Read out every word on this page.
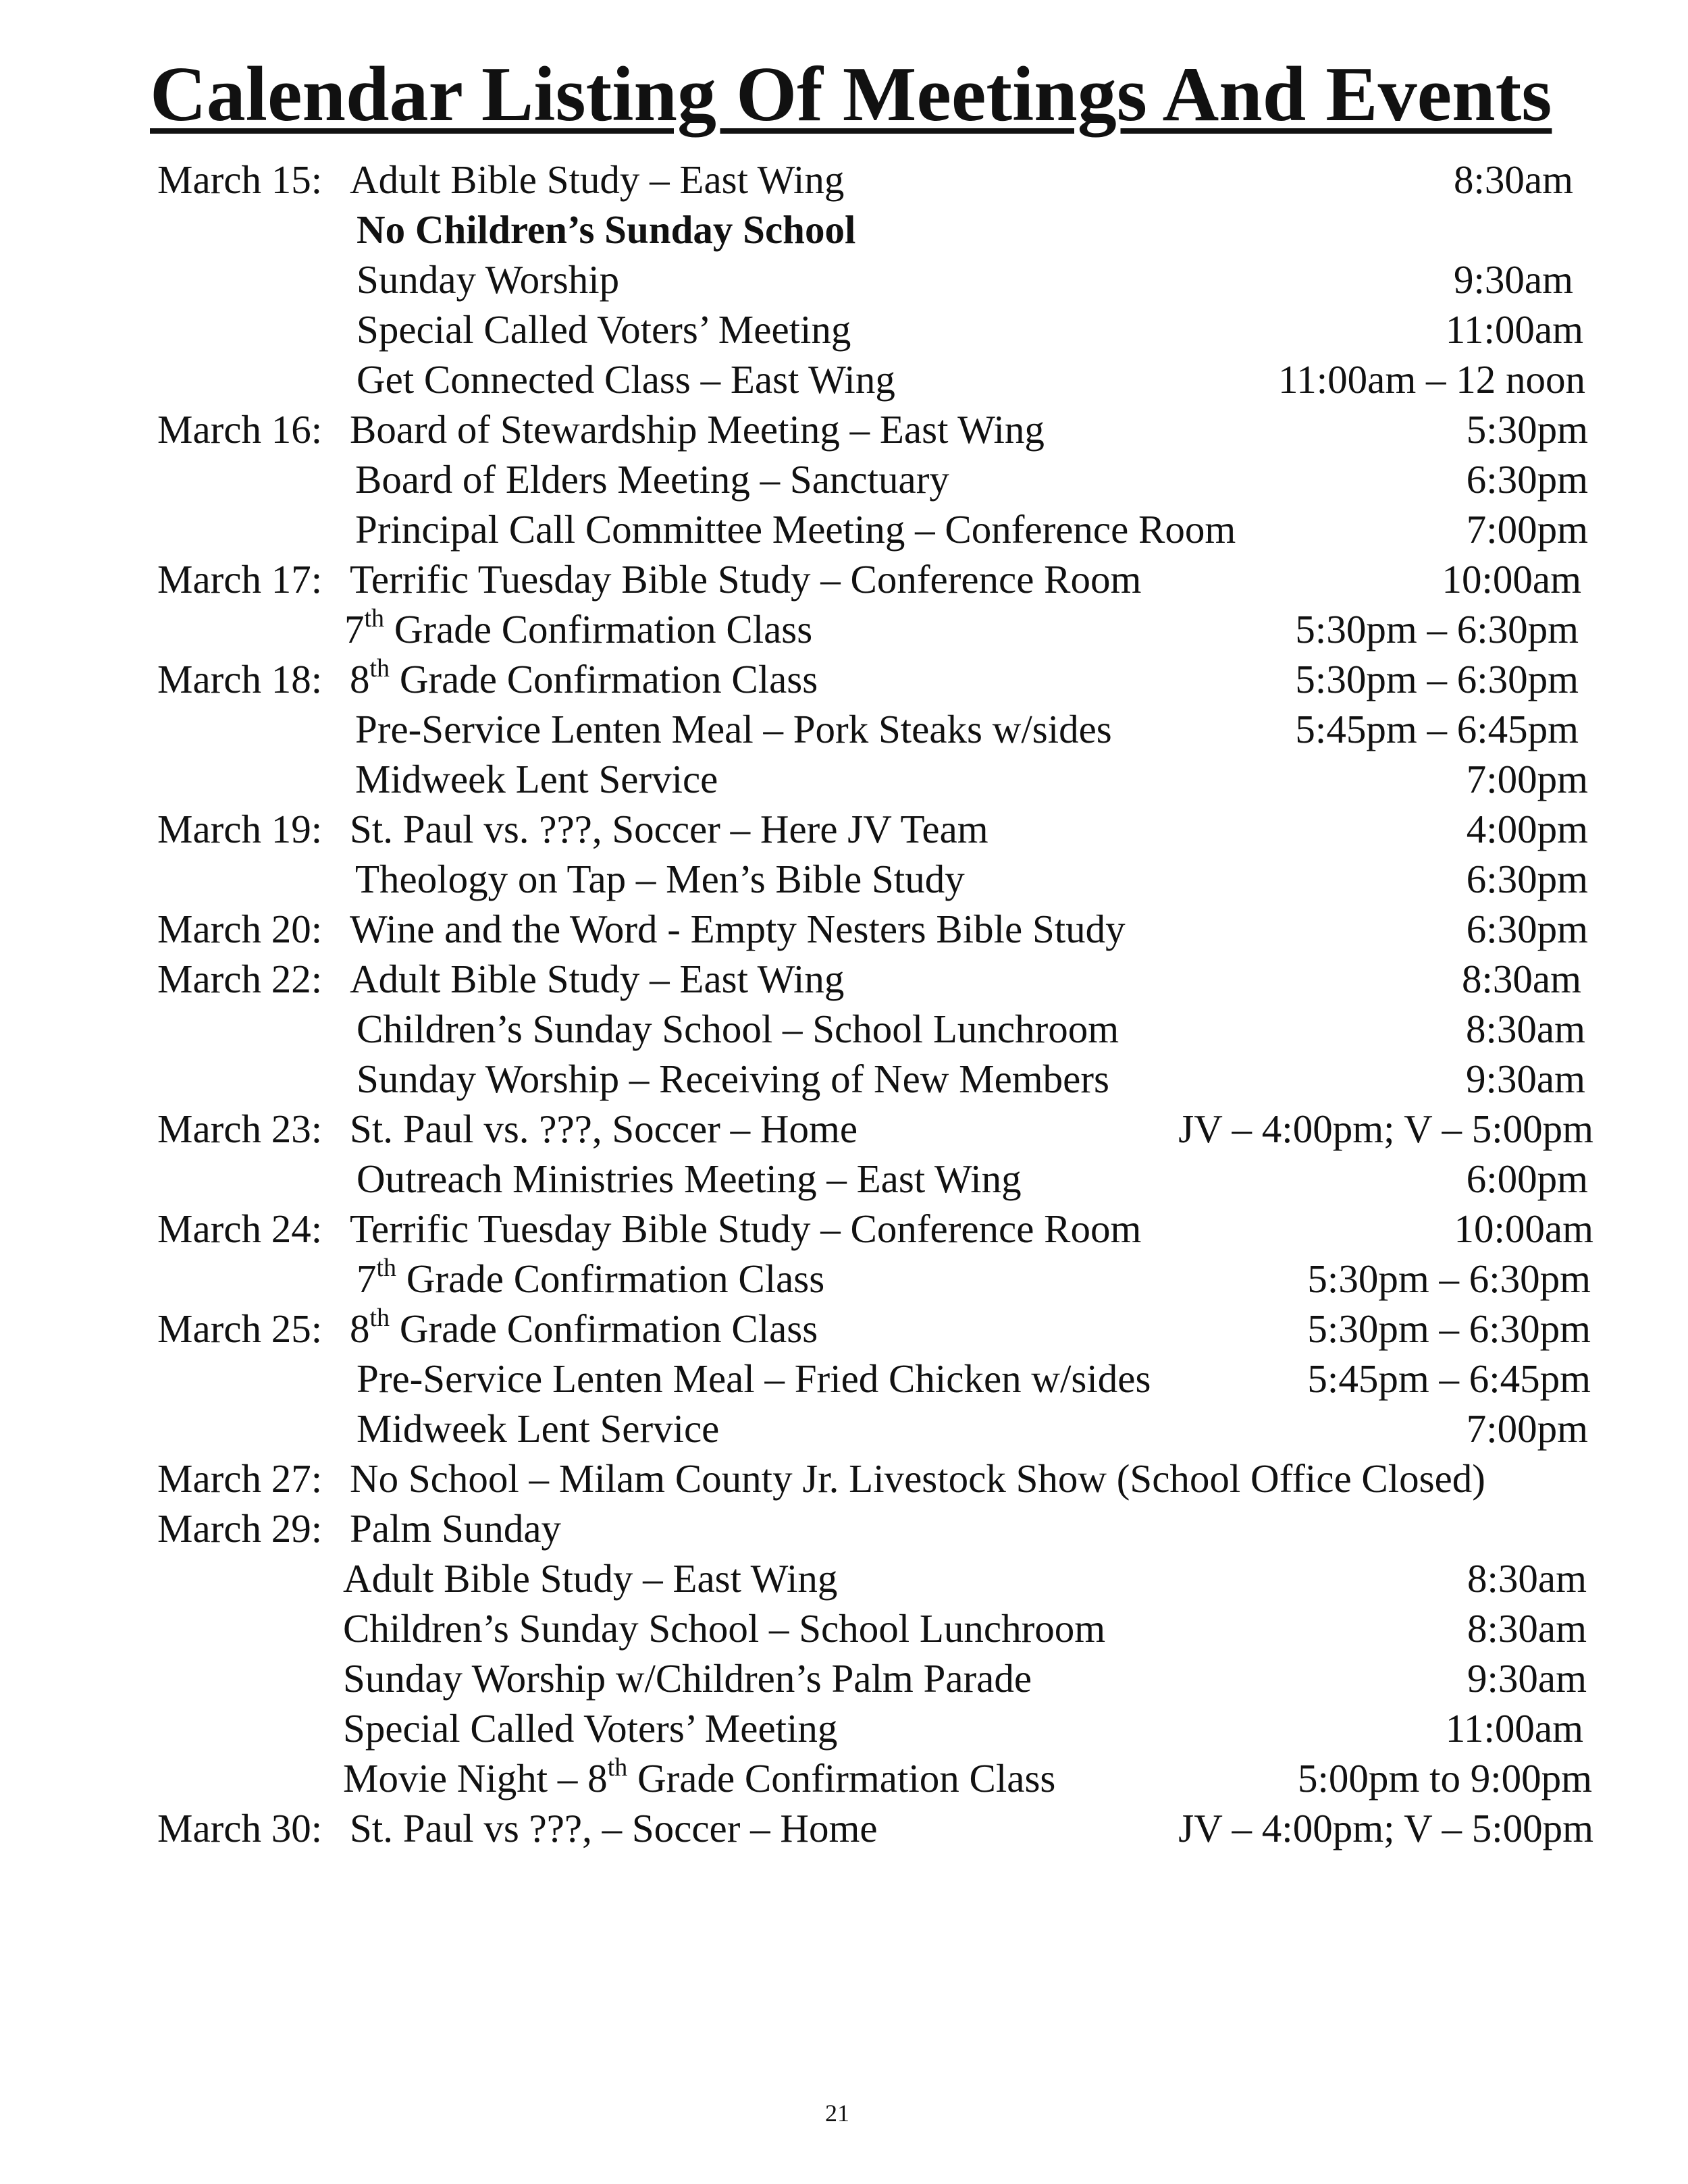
Calendar Listing Of Meetings And Events
March 15: Adult Bible Study – East Wing	8:30am
No Children’s Sunday School
Sunday Worship	9:30am
Special Called Voters’ Meeting	11:00am
Get Connected Class – East Wing	11:00am – 12 noon
March 16: Board of Stewardship Meeting – East Wing	5:30pm
Board of Elders Meeting – Sanctuary	6:30pm
Principal Call Committee Meeting – Conference Room	7:00pm
March 17: Terrific Tuesday Bible Study – Conference Room	10:00am
7th Grade Confirmation Class	5:30pm – 6:30pm
March 18: 8th Grade Confirmation Class	5:30pm – 6:30pm
Pre-Service Lenten Meal – Pork Steaks w/sides	5:45pm – 6:45pm
Midweek Lent Service	7:00pm
March 19: St. Paul vs. ???, Soccer – Here JV Team	4:00pm
Theology on Tap – Men’s Bible Study	6:30pm
March 20: Wine and the Word - Empty Nesters Bible Study	6:30pm
March 22: Adult Bible Study – East Wing	8:30am
Children’s Sunday School – School Lunchroom	8:30am
Sunday Worship – Receiving of New Members	9:30am
March 23: St. Paul vs. ???, Soccer – Home	JV – 4:00pm; V – 5:00pm
Outreach Ministries Meeting – East Wing	6:00pm
March 24: Terrific Tuesday Bible Study – Conference Room	10:00am
7th Grade Confirmation Class	5:30pm – 6:30pm
March 25: 8th Grade Confirmation Class	5:30pm – 6:30pm
Pre-Service Lenten Meal – Fried Chicken w/sides	5:45pm – 6:45pm
Midweek Lent Service	7:00pm
March 27: No School – Milam County Jr. Livestock Show (School Office Closed)
March 29: Palm Sunday
Adult Bible Study – East Wing	8:30am
Children’s Sunday School – School Lunchroom	8:30am
Sunday Worship w/Children’s Palm Parade	9:30am
Special Called Voters’ Meeting	11:00am
Movie Night – 8th Grade Confirmation Class	5:00pm to 9:00pm
March 30: St. Paul vs ???, – Soccer – Home	JV – 4:00pm; V – 5:00pm
21
